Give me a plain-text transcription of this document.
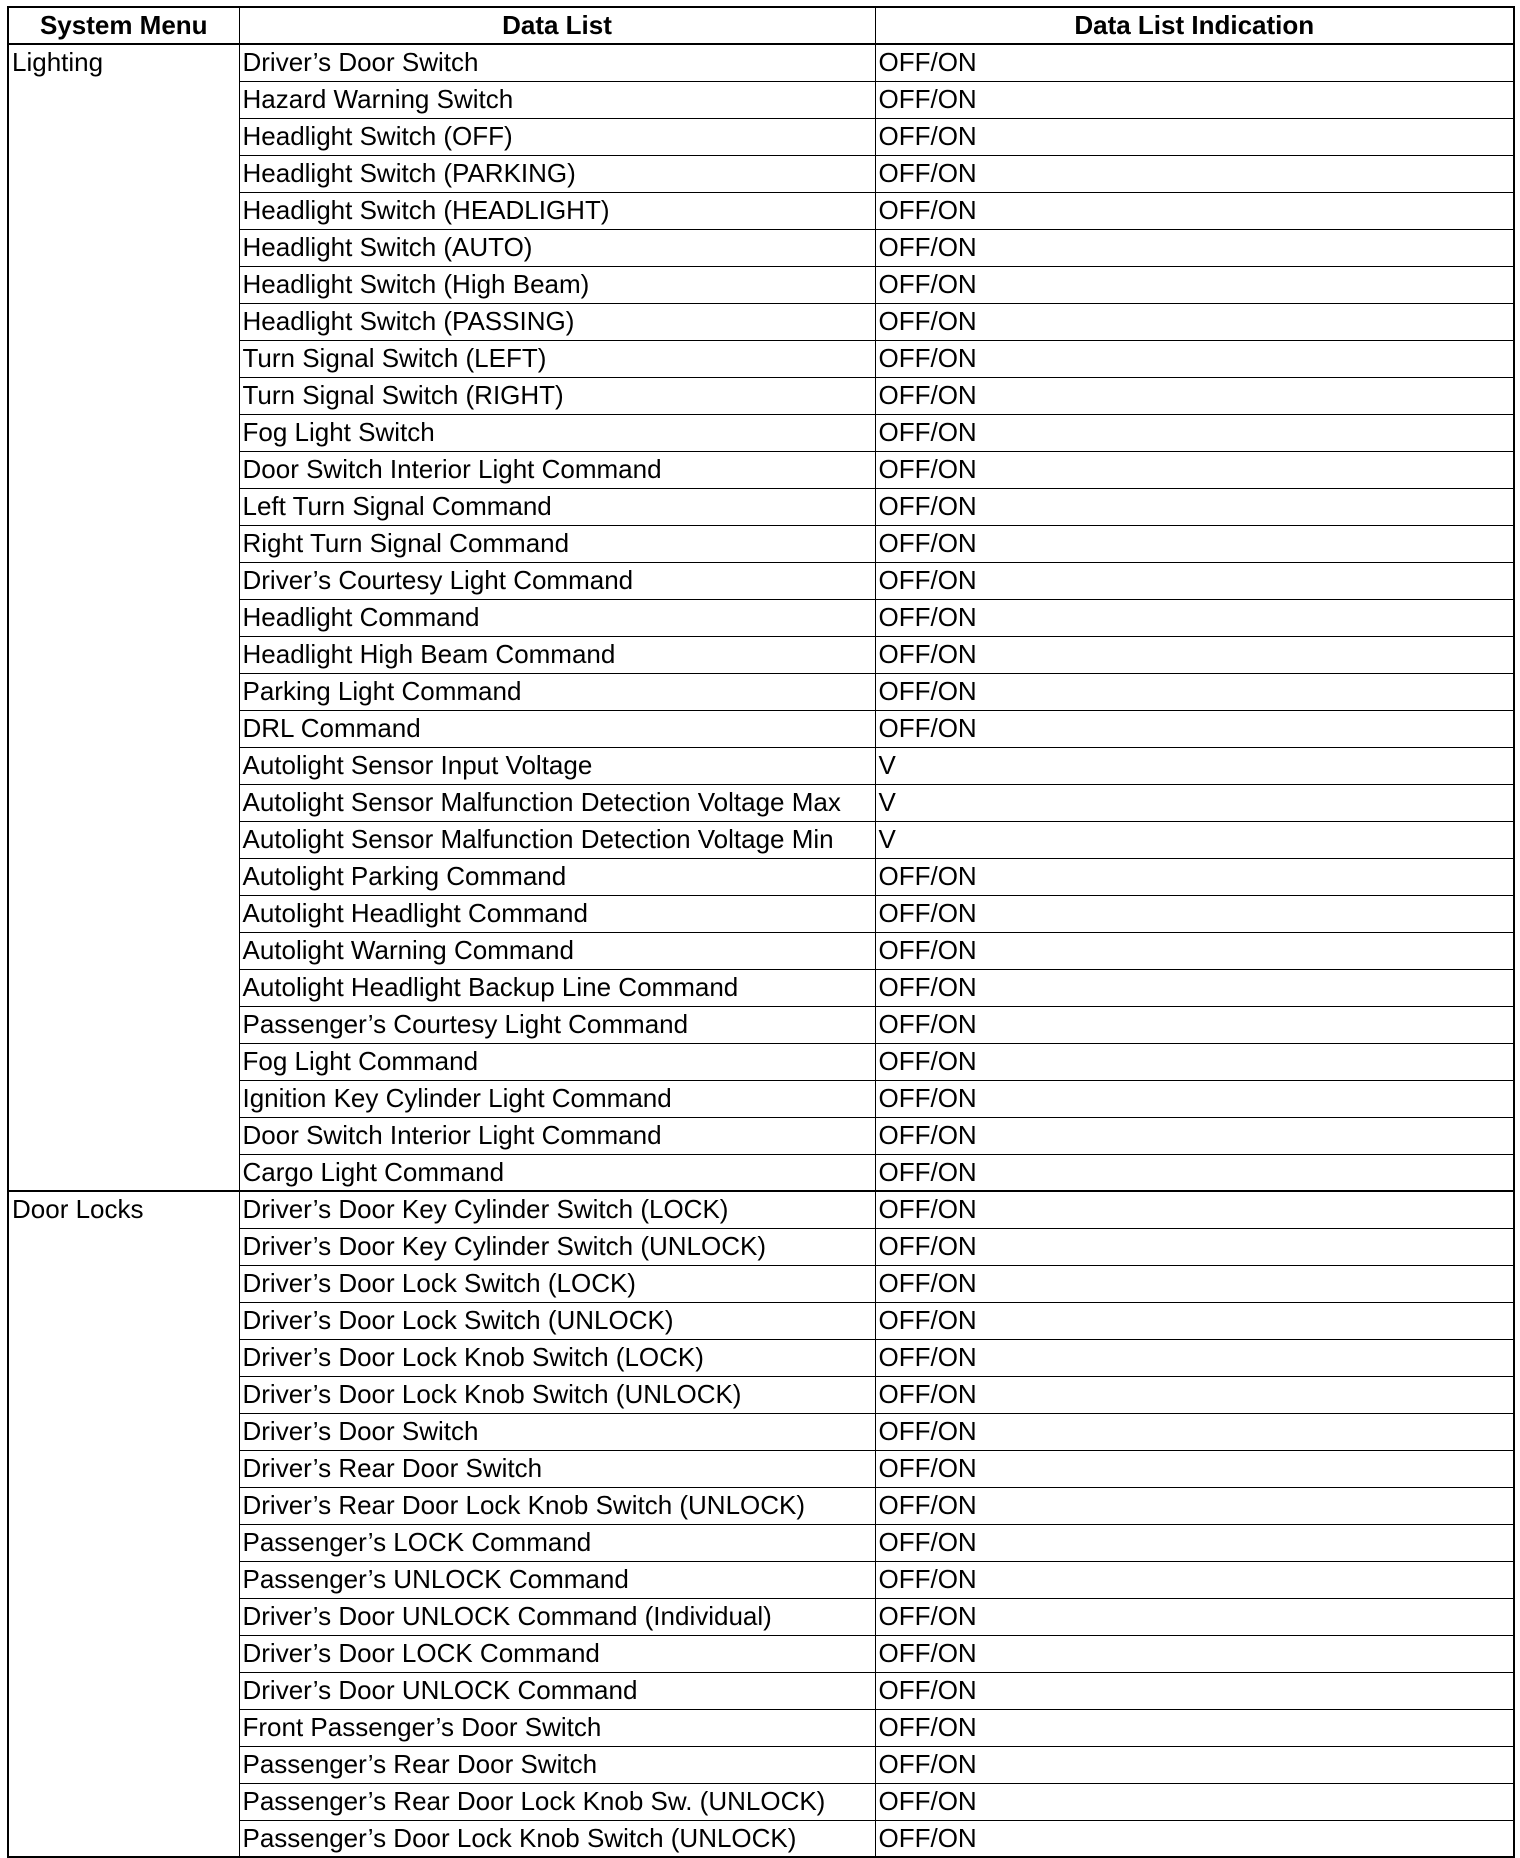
System Menu	Data List	Data List Indication
Lighting	Driver’s Door Switch	OFF/ON
	Hazard Warning Switch	OFF/ON
	Headlight Switch (OFF)	OFF/ON
	Headlight Switch (PARKING)	OFF/ON
	Headlight Switch (HEADLIGHT)	OFF/ON
	Headlight Switch (AUTO)	OFF/ON
	Headlight Switch (High Beam)	OFF/ON
	Headlight Switch (PASSING)	OFF/ON
	Turn Signal Switch (LEFT)	OFF/ON
	Turn Signal Switch (RIGHT)	OFF/ON
	Fog Light Switch	OFF/ON
	Door Switch Interior Light Command	OFF/ON
	Left Turn Signal Command	OFF/ON
	Right Turn Signal Command	OFF/ON
	Driver’s Courtesy Light Command	OFF/ON
	Headlight Command	OFF/ON
	Headlight High Beam Command	OFF/ON
	Parking Light Command	OFF/ON
	DRL Command	OFF/ON
	Autolight Sensor Input Voltage	V
	Autolight Sensor Malfunction Detection Voltage Max	V
	Autolight Sensor Malfunction Detection Voltage Min	V
	Autolight Parking Command	OFF/ON
	Autolight Headlight Command	OFF/ON
	Autolight Warning Command	OFF/ON
	Autolight Headlight Backup Line Command	OFF/ON
	Passenger’s Courtesy Light Command	OFF/ON
	Fog Light Command	OFF/ON
	Ignition Key Cylinder Light Command	OFF/ON
	Door Switch Interior Light Command	OFF/ON
	Cargo Light Command	OFF/ON
Door Locks	Driver’s Door Key Cylinder Switch (LOCK)	OFF/ON
	Driver’s Door Key Cylinder Switch (UNLOCK)	OFF/ON
	Driver’s Door Lock Switch (LOCK)	OFF/ON
	Driver’s Door Lock Switch (UNLOCK)	OFF/ON
	Driver’s Door Lock Knob Switch (LOCK)	OFF/ON
	Driver’s Door Lock Knob Switch (UNLOCK)	OFF/ON
	Driver’s Door Switch	OFF/ON
	Driver’s Rear Door Switch	OFF/ON
	Driver’s Rear Door Lock Knob Switch (UNLOCK)	OFF/ON
	Passenger’s LOCK Command	OFF/ON
	Passenger’s UNLOCK Command	OFF/ON
	Driver’s Door UNLOCK Command (Individual)	OFF/ON
	Driver’s Door LOCK Command	OFF/ON
	Driver’s Door UNLOCK Command	OFF/ON
	Front Passenger’s Door Switch	OFF/ON
	Passenger’s Rear Door Switch	OFF/ON
	Passenger’s Rear Door Lock Knob Sw. (UNLOCK)	OFF/ON
	Passenger’s Door Lock Knob Switch (UNLOCK)	OFF/ON
